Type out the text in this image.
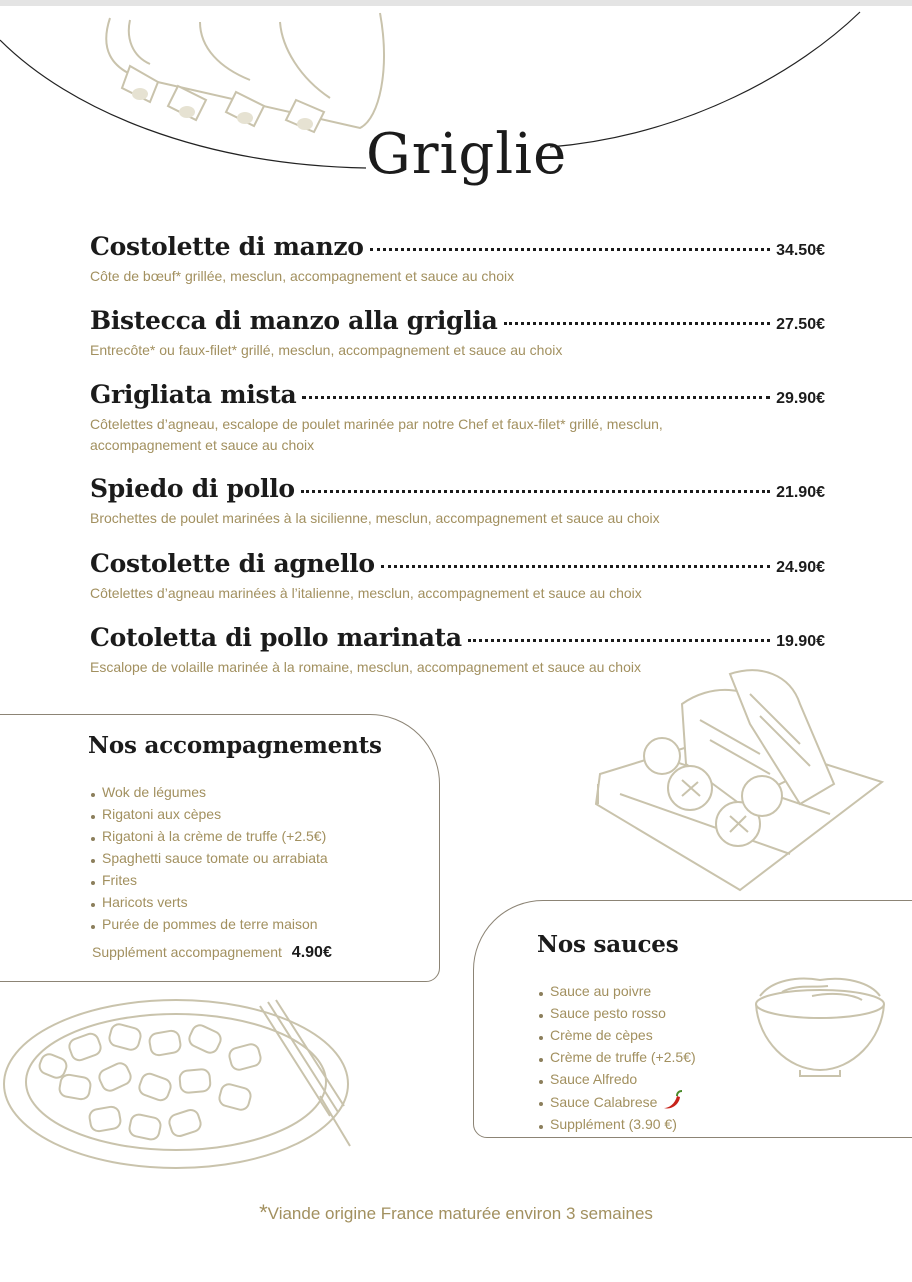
Griglie
Costolette di manzo	34.50€
Côte de bœuf* grillée, mesclun, accompagnement et sauce au choix
Bistecca di manzo alla griglia	27.50€
Entrecôte* ou faux-filet* grillé, mesclun, accompagnement et sauce au choix
Grigliata mista	29.90€
Côtelettes d’agneau, escalope de poulet marinée par notre Chef et faux-filet* grillé, mesclun, accompagnement et sauce au choix
Spiedo di pollo	21.90€
Brochettes de poulet marinées à la sicilienne, mesclun, accompagnement et sauce au choix
Costolette di agnello	24.90€
Côtelettes d’agneau marinées à l’italienne, mesclun, accompagnement et sauce au choix
Cotoletta di pollo marinata	19.90€
Escalope de volaille marinée à la romaine, mesclun, accompagnement et sauce au choix
Nos accompagnements
Wok de légumes
Rigatoni aux cèpes
Rigatoni à la crème de truffe (+2.5€)
Spaghetti sauce tomate ou arrabiata
Frites
Haricots verts
Purée de pommes de terre maison
Supplément accompagnement 4.90€	Nos sauces
Sauce au poivre
Sauce pesto rosso
Crème de cèpes
Crème de truffe (+2.5€)
Sauce Alfredo
Sauce Calabrese
Supplément (3.90 €)
*Viande origine France maturée environ 3 semaines
